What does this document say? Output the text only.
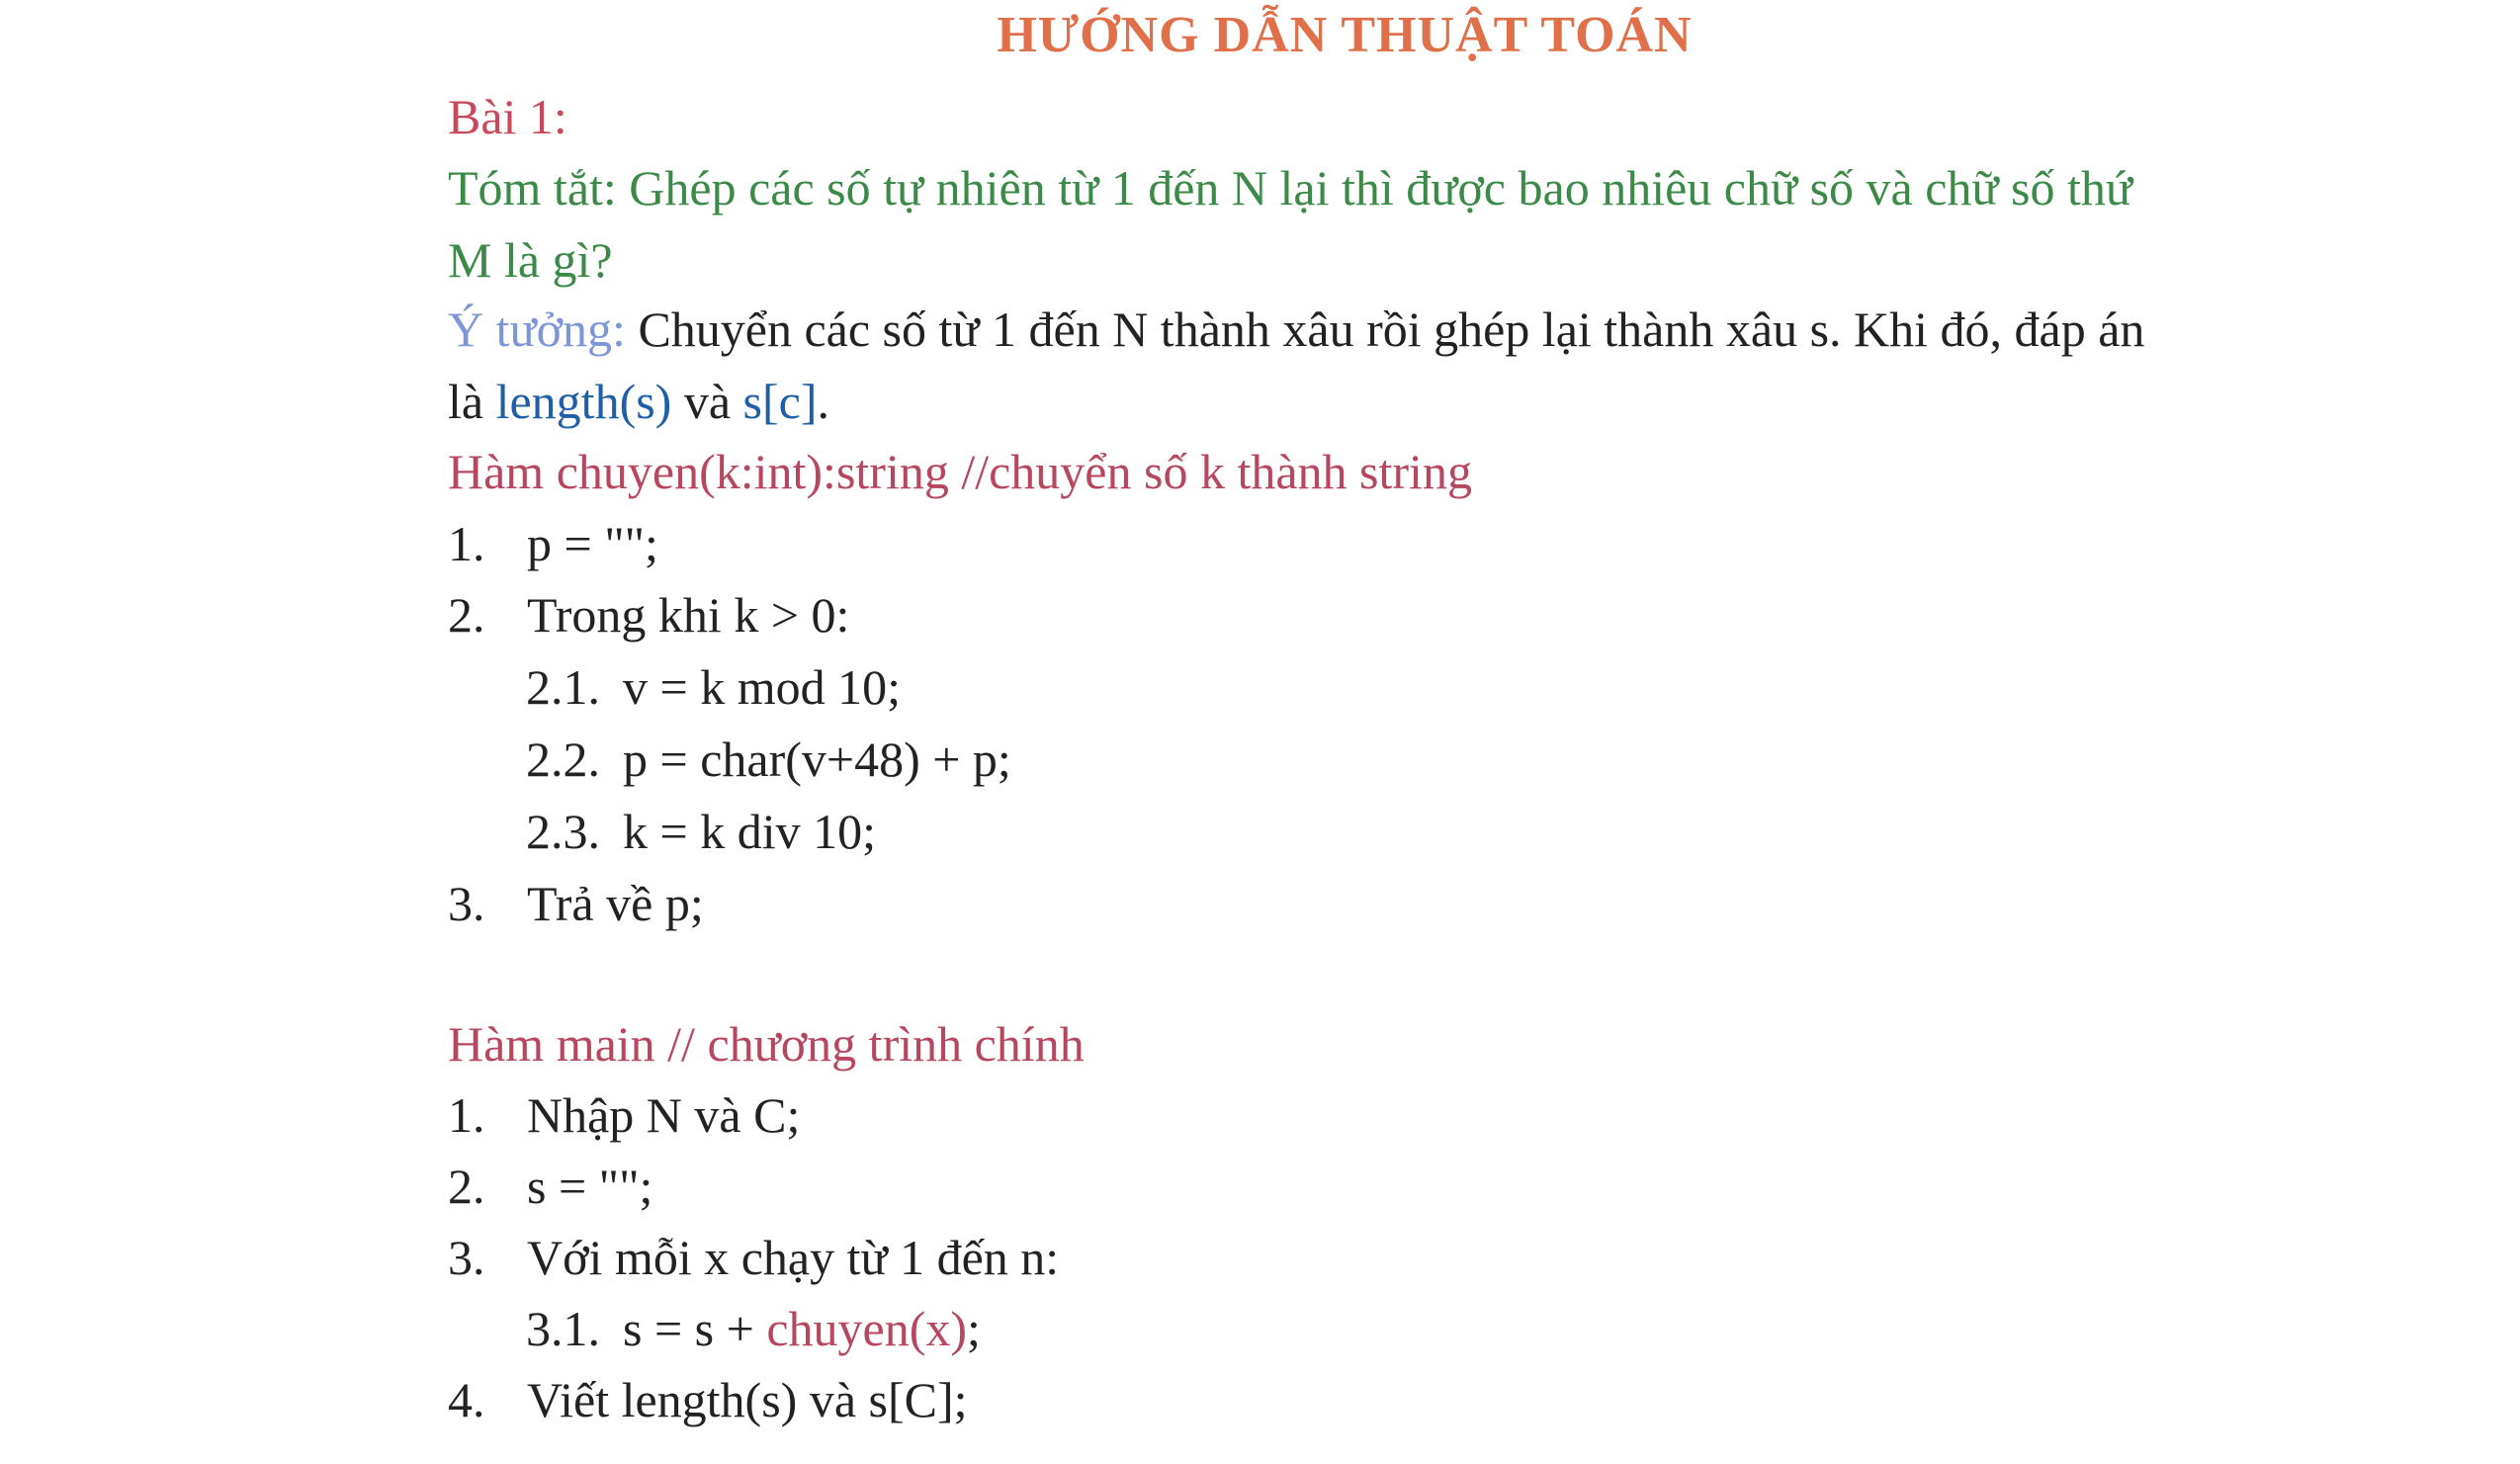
HƯỚNG DẪN THUẬT TOÁN
Bài 1:
Tóm tắt: Ghép các số tự nhiên từ 1 đến N lại thì được bao nhiêu chữ số và chữ số thứ
M là gì?
Ý tưởng: Chuyển các số từ 1 đến N thành xâu rồi ghép lại thành xâu s. Khi đó, đáp án
là length(s) và s[c].
Hàm chuyen(k:int):string //chuyển số k thành string
1. p = "";
2. Trong khi k > 0:
2.1. v = k mod 10;
2.2. p = char(v+48) + p;
2.3. k = k div 10;
3. Trả về p;
Hàm main // chương trình chính
1. Nhập N và C;
2. s = "";
3. Với mỗi x chạy từ 1 đến n:
3.1. s = s + chuyen(x);
4. Viết length(s) và s[C];
